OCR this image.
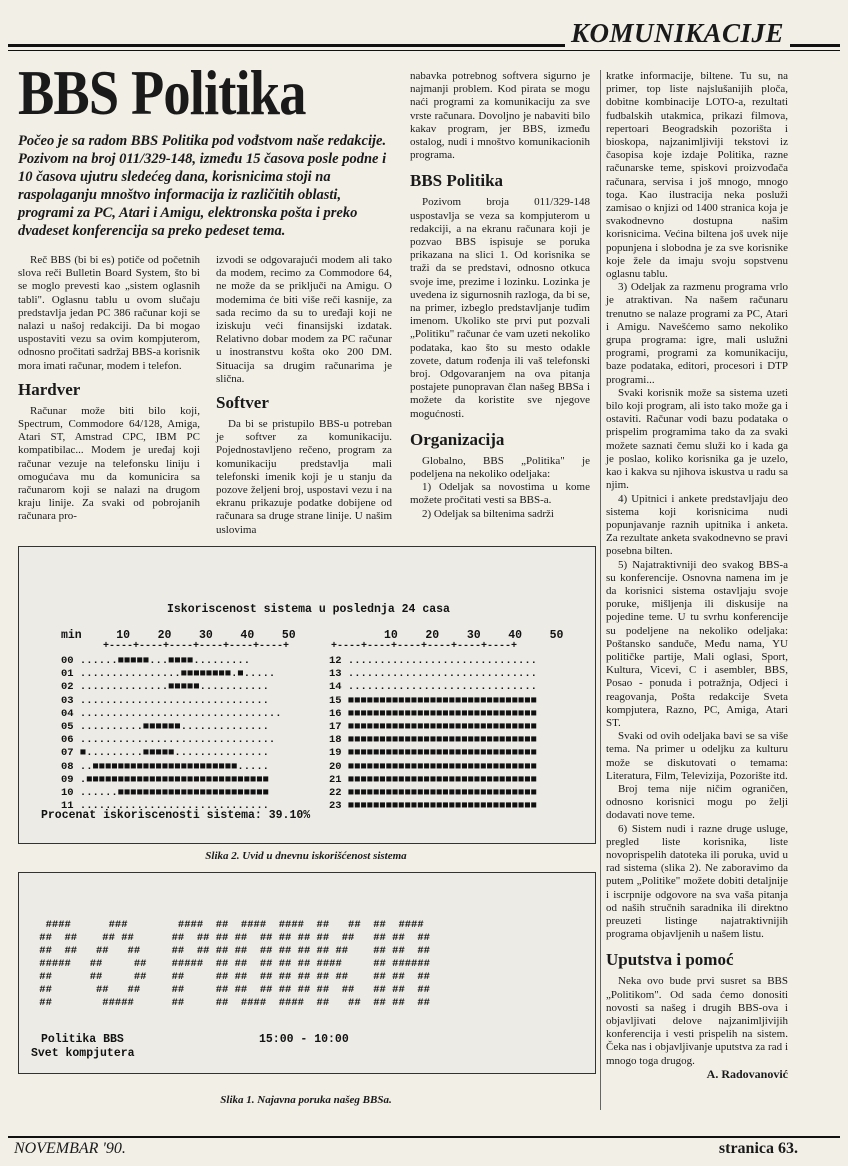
KOMUNIKACIJE
BBS Politika
Počeo je sa radom BBS Politika pod vođstvom naše redakcije. Pozivom na broj 011/329-148, između 15 časova posle podne i 10 časova ujutru sledećeg dana, korisnicima stoji na raspolaganju mnoštvo informacija iz različitih oblasti, programi za PC, Atari i Amigu, elektronska pošta i preko dvadeset konferencija sa preko pedeset tema.

Reč BBS (bi bi es) potiče od početnih slova reči Bulletin Board System, što bi se moglo prevesti kao „sistem oglasnih tabli". Oglasnu tablu u ovom slučaju predstavlja jedan PC 386 računar koji se nalazi u našoj redakciji. Da bi mogao uspostaviti vezu sa ovim kompjuterom, odnosno pročitati sadržaj BBS-a korisnik mora imati računar, modem i telefon.

Hardver

Računar može biti bilo koji, Spectrum, Commodore 64/128, Amiga, Atari ST, Amstrad CPC, IBM PC kompatibilac... Modem je uređaj koji računar vezuje na telefonsku liniju i omogućava mu da komunicira sa računarom koji se nalazi na drugom kraju linije. Za svaki od pobrojanih računara pro-

izvodi se odgovarajući modem ali tako da modem, recimo za Commodore 64, ne može da se priključi na Amigu. O modemima će biti više reči kasnije, za sada recimo da su to uređaji koji ne iziskuju veći finansijski izdatak. Relativno dobar modem za PC računar u inostranstvu košta oko 200 DM. Situacija sa drugim računarima je slična.

Softver

Da bi se pristupilo BBS-u potreban je softver za komunikaciju. Pojednostavljeno rečeno, program za komunikaciju predstavlja mali telefonski imenik koji je u stanju da pozove željeni broj, uspostavi vezu i na ekranu prikazuje podatke dobijene od računara sa druge strane linije. U našim uslovima

nabavka potrebnog softvera sigurno je najmanji problem. Kod pirata se mogu naći programi za komunikaciju za sve vrste računara. Dovoljno je nabaviti bilo kakav program, jer BBS, između ostalog, nudi i mnoštvo komunikacionih programa.

BBS Politika

Pozivom broja 011/329-148 uspostavlja se veza sa kompjuterom u redakciji, a na ekranu računara koji je pozvao BBS ispisuje se poruka prikazana na slici 1. Od korisnika se traži da se predstavi, odnosno otkuca svoje ime, prezime i lozinku. Lozinka je uvedena iz sigurnosnih razloga, da bi se, na primer, izbeglo predstavljanje tuđim imenom. Ukoliko ste prvi put pozvali „Politiku" računar će vam uzeti nekoliko podataka, kao što su mesto odakle zovete, datum rođenja ili vaš telefonski broj. Odgovaranjem na ova pitanja postajete punopravan član našeg BBSa i možete da koristite sve njegove mogućnosti.

Organizacija

Globalno, BBS „Politika" je podeljena na nekoliko odeljaka:

1) Odeljak sa novostima u kome možete pročitati vesti sa BBS-a.

2) Odeljak sa biltenima sadrži

kratke informacije, biltene. Tu su, na primer, top liste najslušanijih ploča, dobitne kombinacije LOTO-a, rezultati fudbalskih utakmica, prikazi filmova, repertoari Beogradskih pozorišta i bioskopa, najzanimljiviji tekstovi iz časopisa koje izdaje Politika, razne računarske teme, spiskovi proizvođača računara, servisa i još mnogo, mnogo toga. Kao ilustracija neka posluži zamisao o knjizi od 1400 stranica koja je svakodnevno dostupna našim korisnicima. Većina biltena još uvek nije popunjena i slobodna je za sve korisnike koje žele da imaju svoju sopstvenu oglasnu tablu.

3) Odeljak za razmenu programa vrlo je atraktivan. Na našem računaru trenutno se nalaze programi za PC, Atari i Amigu. Navešćemo samo nekoliko grupa programa: igre, mali uslužni programi, programi za komunikaciju, baze podataka, editori, procesori i DTP programi...

Svaki korisnik može sa sistema uzeti bilo koji program, ali isto tako može ga i ostaviti. Računar vodi bazu podataka o prispelim programima tako da za svaki možete saznati čemu služi ko i kada ga je poslao, koliko korisnika ga je uzelo, kao i kakva su njihova iskustva u radu sa njim.

4) Upitnici i ankete predstavljaju deo sistema koji korisnicima nudi popunjavanje raznih upitnika i anketa. Za rezultate anketa svakodnevno se pravi posebna bilten.

5) Najatraktivniji deo svakog BBS-a su konferencije. Osnovna namena im je da korisnici sistema ostavljaju svoje poruke, mišljenja ili diskusije na pojedine teme. U tu svrhu konferencije su podeljene na nekoliko odeljaka: Poštansko sanduče, Među nama, YU političke partije, Mali oglasi, Sport, Kultura, Vicevi, C i asembler, BBS, Posao - ponuda i potražnja, Odjeci i reagovanja, Pošta redakcije Sveta kompjutera, Razno, PC, Amiga, Atari ST.

Svaki od ovih odeljaka bavi se sa više tema. Na primer u odeljku za kulturu može se diskutovati o temama: Literatura, Film, Televizija, Pozorište itd.

Broj tema nije ničim ograničen, odnosno korisnici mogu po želji dodavati nove teme.

6) Sistem nudi i razne druge usluge, pregled liste korisnika, liste novoprispelih datoteka ili poruka, uvid u rad sistema (slika 2). Ne zaboravimo da putem „Politike" možete dobiti detaljnije i iscrpnije odgovore na sva vaša pitanja od naših stručnih saradnika ili direktno preuzeti listinge najatraktivnijih programa objavljenih u našem listu.

Uputstva i pomoć

Neka ovo bude prvi susret sa BBS „Politikom". Od sada ćemo donositi novosti sa našeg i drugih BBS-ova i objavljivati delove najzanimljivijih konferencija i vesti prispelih na sistem. Čeka nas i objavljivanje uputstva za rad i mnogo toga drugog.

A. Radovanović
Iskoriscenost sistema u poslednja 24 casa
min     10    20    30    40    50	10    20    30    40    50
+----+----+----+----+----+----+	+----+----+----+----+----+----+
00 ......■■■■■...■■■■.........
01 ................■■■■■■■■.■.....
02 ..............■■■■■...........
03 ..............................
04 ................................
05 ..........■■■■■■..............
06 ...............................
07 ■.........■■■■■...............
08 ..■■■■■■■■■■■■■■■■■■■■■■■.....
09 .■■■■■■■■■■■■■■■■■■■■■■■■■■■■■
10 ......■■■■■■■■■■■■■■■■■■■■■■■■
11 ..............................
12 ..............................
13 ..............................
14 ..............................
15 ■■■■■■■■■■■■■■■■■■■■■■■■■■■■■■
16 ■■■■■■■■■■■■■■■■■■■■■■■■■■■■■■
17 ■■■■■■■■■■■■■■■■■■■■■■■■■■■■■■
18 ■■■■■■■■■■■■■■■■■■■■■■■■■■■■■■
19 ■■■■■■■■■■■■■■■■■■■■■■■■■■■■■■
20 ■■■■■■■■■■■■■■■■■■■■■■■■■■■■■■
21 ■■■■■■■■■■■■■■■■■■■■■■■■■■■■■■
22 ■■■■■■■■■■■■■■■■■■■■■■■■■■■■■■
23 ■■■■■■■■■■■■■■■■■■■■■■■■■■■■■■
Procenat iskoriscenosti sistema: 39.10%
Slika 2. Uvid u dnevnu iskorišćenost sistema
####      ###        ####  ##  ####  ####  ##   ##  ##  ####
##  ##    ## ##      ##  ## ## ##  ## ## ## ##  ##   ## ##  ##
##  ##   ##   ##     ##  ## ## ##  ## ## ## ## ##    ## ##  ##
#####   ##     ##    #####  ## ##  ## ## ## ####     ## ######
##      ##     ##    ##     ## ##  ## ## ## ## ##    ## ##  ##
##       ##   ##     ##     ## ##  ## ## ## ##  ##   ## ##  ##
##        #####      ##     ##  ####  ####  ##   ##  ## ##  ##
Politika BBS	15:00 - 10:00
Svet kompjutera
Slika 1. Najavna poruka našeg BBSa.
NOVEMBAR '90.	stranica 63.
